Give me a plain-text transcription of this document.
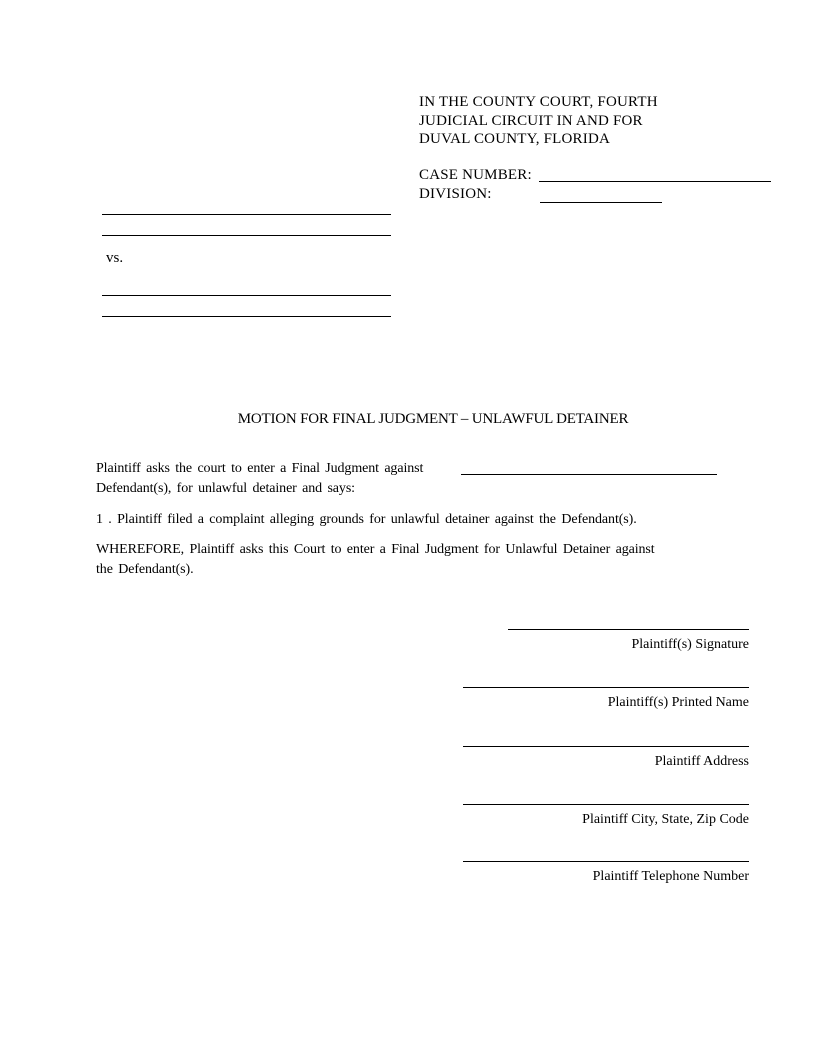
IN THE COUNTY COURT, FOURTH
JUDICIAL CIRCUIT IN AND FOR
DUVAL COUNTY, FLORIDA
CASE NUMBER:
DIVISION:
vs.
MOTION FOR FINAL JUDGMENT – UNLAWFUL DETAINER
Plaintiff asks the court to enter a Final Judgment against
Defendant(s), for unlawful detainer and says:
1 . Plaintiff filed a complaint alleging grounds for unlawful detainer against the Defendant(s).
WHEREFORE, Plaintiff asks this Court to enter a Final Judgment for Unlawful Detainer against
the Defendant(s).
Plaintiff(s) Signature
Plaintiff(s) Printed Name
Plaintiff Address
Plaintiff City, State, Zip Code
Plaintiff Telephone Number
